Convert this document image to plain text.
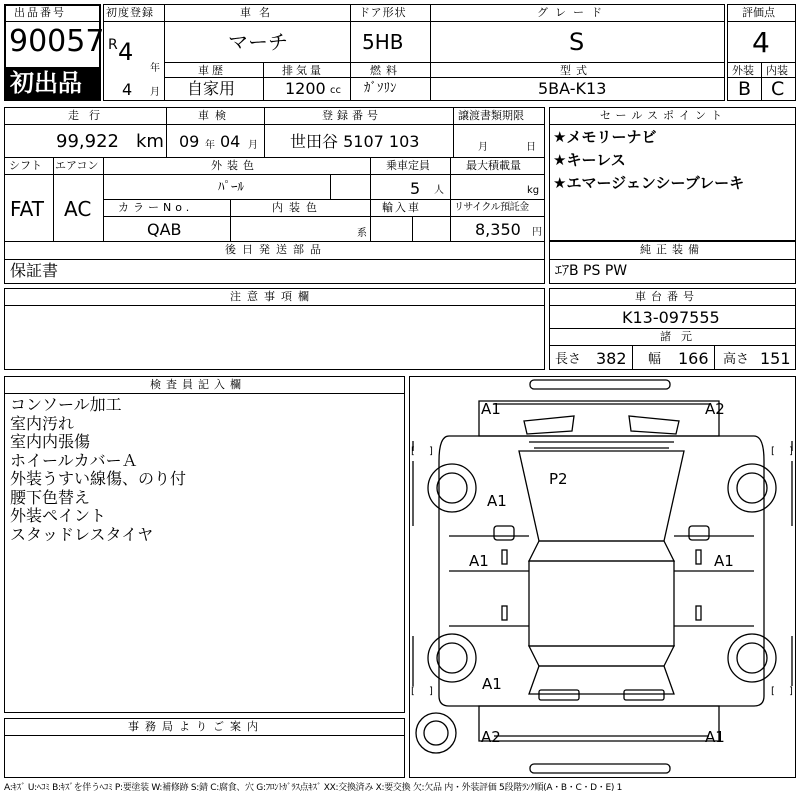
出品番号
90057
初出品
初度登録
R 4
年
4 月
車名
マーチ
ドア形状
5HB
グレード
S
車歴
自家用
排気量
1200 cc
燃料
ｶﾞｿﾘﾝ
型式
5BA-K13
評価点
4
外装 内装
B C
走行
99,922 km
車検
09 年 04 月
登録番号
世田谷 5107 103
譲渡書類期限
月	日
シフト
FAT
エアコン
AC
外装色
ﾊﾟｰﾙ
乗車定員
5 人
最大積載量
kg
カラーNo.
QAB
内装色
系
輸入車	リサイクル預託金
8,350 円
後日発送部品
保証書
セールスポイント
★メモリーナビ
★キーレス
★エマージェンシーブレーキ
純正装備
ｴｱB PS PW
注意事項欄	車台番号
K13-097555
諸元
長さ 382 幅 166 高さ 151
検査員記入欄
コンソール加工
室内汚れ
室内内張傷
ホイールカバーＡ
外装うすい線傷、のり付
腰下色替え
外装ペイント
スタッドレスタイヤ
事務局よりご案内
[ ]	[ ]
[ ]	[ ]
A1	A2
P2
A1
A1	A1
A1
A2	A1
A:ｷｽﾞ U:ﾍｺﾐ B:ｷｽﾞを伴うﾍｺﾐ P:要塗装 W:補修跡 S:錆 C:腐食、穴 G:ﾌﾛﾝﾄｶﾞﾗｽ点ｷｽﾞ XX:交換済み X:要交換 欠:欠品 内・外装評価 5段階ﾗﾝｸ順(A・B・C・D・E) 1
